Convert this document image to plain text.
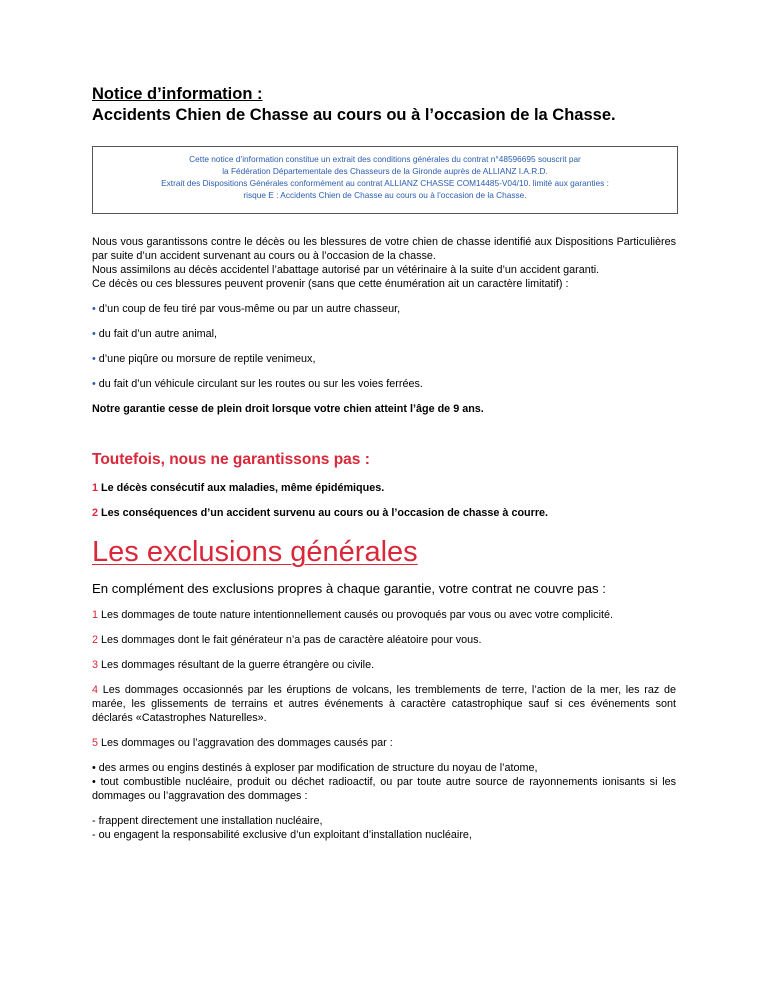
Notice d’information :
Accidents Chien de Chasse au cours ou à l’occasion de la Chasse.
Cette notice d’information constitue un extrait des conditions générales du contrat n°48596695 souscrit par
la Fédération Départementale des Chasseurs de la Gironde auprès de ALLIANZ I.A.R.D.
Extrait des Dispositions Générales conformément au contrat ALLIANZ CHASSE COM14485-V04/10. limité aux garanties :
risque E : Accidents Chien de Chasse au cours ou à l’occasion de la Chasse.

Nous vous garantissons contre le décès ou les blessures de votre chien de chasse identifié aux Dispositions Particulières par suite d’un accident survenant au cours ou à l’occasion de la chasse.

Nous assimilons au décès accidentel l’abattage autorisé par un vétérinaire à la suite d’un accident garanti.

Ce décès ou ces blessures peuvent provenir (sans que cette énumération ait un caractère limitatif) :

• d’un coup de feu tiré par vous-même ou par un autre chasseur,

• du fait d’un autre animal,

• d’une piqûre ou morsure de reptile venimeux,

• du fait d’un véhicule circulant sur les routes ou sur les voies ferrées.

Notre garantie cesse de plein droit lorsque votre chien atteint l’âge de 9 ans.

Toutefois, nous ne garantissons pas :

1 Le décès consécutif aux maladies, même épidémiques.

2 Les conséquences d’un accident survenu au cours ou à l’occasion de chasse à courre.

Les exclusions générales

En complément des exclusions propres à chaque garantie, votre contrat ne couvre pas :

1 Les dommages de toute nature intentionnellement causés ou provoqués par vous ou avec votre complicité.

2 Les dommages dont le fait générateur n’a pas de caractère aléatoire pour vous.

3 Les dommages résultant de la guerre étrangère ou civile.

4 Les dommages occasionnés par les éruptions de volcans, les tremblements de terre, l’action de la mer, les raz de marée, les glissements de terrains et autres événements à caractère catastrophique sauf si ces événements sont déclarés «Catastrophes Naturelles».

5 Les dommages ou l’aggravation des dommages causés par :

• des armes ou engins destinés à exploser par modification de structure du noyau de l’atome,

• tout combustible nucléaire, produit ou déchet radioactif, ou par toute autre source de rayonnements ionisants si les dommages ou l’aggravation des dommages :

- frappent directement une installation nucléaire,

- ou engagent la responsabilité exclusive d’un exploitant d’installation nucléaire,
